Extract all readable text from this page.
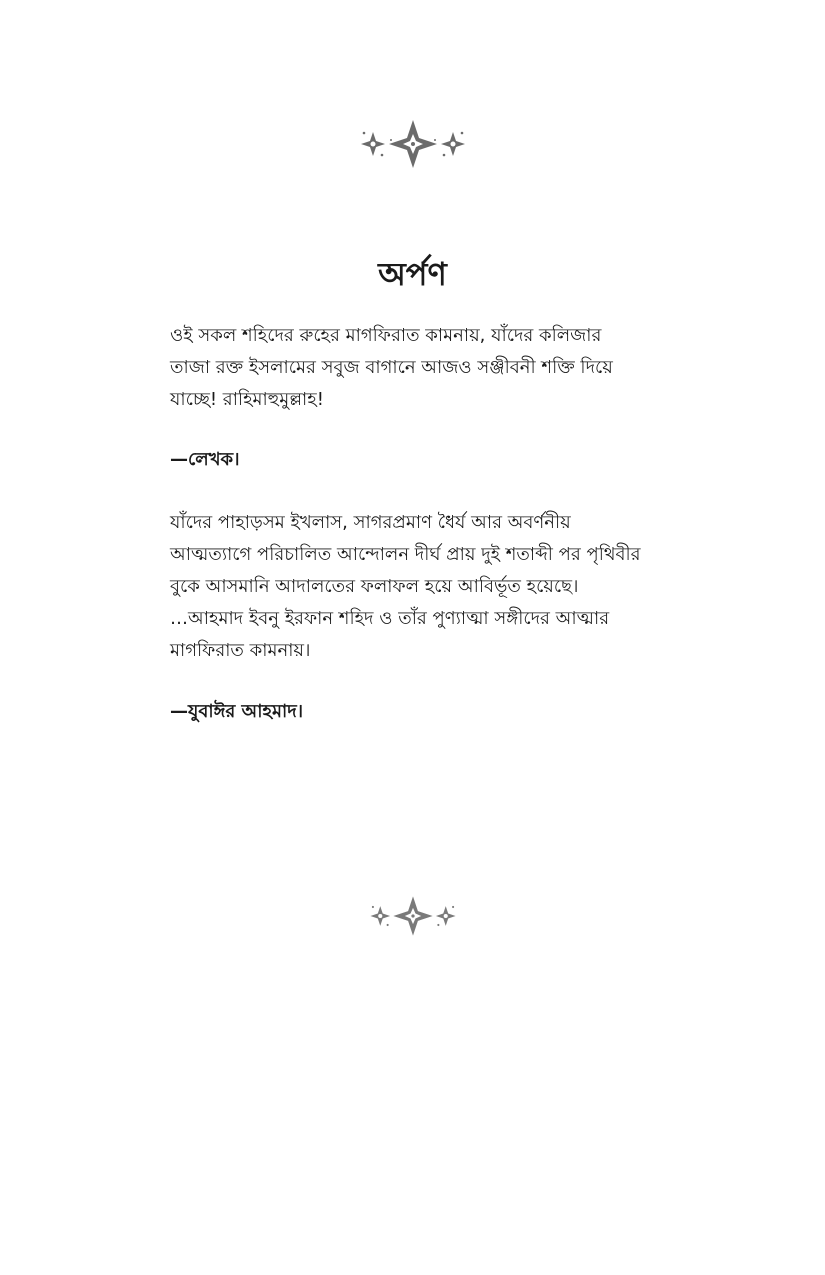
অর্পণ

ওই সকল শহিদের রুহের মাগফিরাত কামনায়, যাঁদের কলিজার

তাজা রক্ত ইসলামের সবুজ বাগানে আজও সঞ্জীবনী শক্তি দিয়ে

যাচ্ছে! রাহিমাহুমুল্লাহ!

—লেখক।

যাঁদের পাহাড়সম ইখলাস, সাগরপ্রমাণ ধৈর্য আর অবর্ণনীয়

আত্মত্যাগে পরিচালিত আন্দোলন দীর্ঘ প্রায় দুই শতাব্দী পর পৃথিবীর

বুকে আসমানি আদালতের ফলাফল হয়ে আবির্ভূত হয়েছে।

…আহমাদ ইবনু ইরফান শহিদ ও তাঁর পুণ্যাত্মা সঙ্গীদের আত্মার

মাগফিরাত কামনায়।

—যুবাঈর আহমাদ।
